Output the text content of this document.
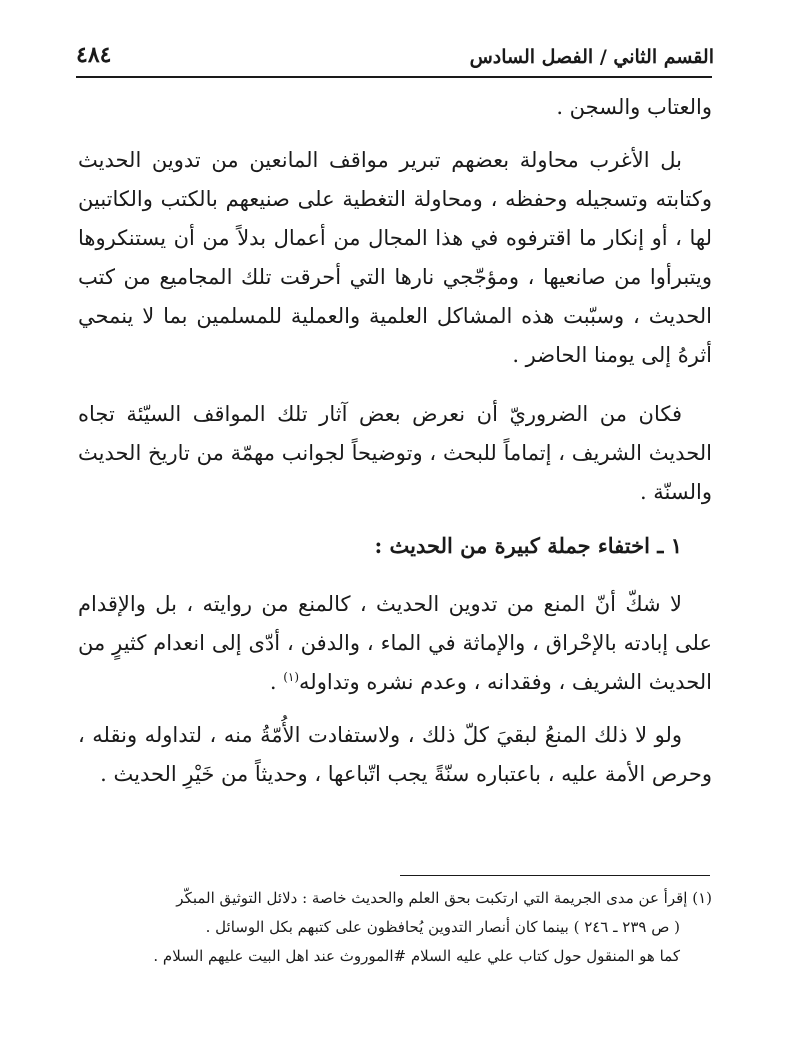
القسم الثاني / الفصل السادس
٤٨٤

والعتاب والسجن .

بل الأغرب محاولة بعضهم تبرير مواقف المانعين من تدوين الحديث وكتابته وتسجيله وحفظه ، ومحاولة التغطية على صنيعهم بالكتب والكاتبين لها ، أو إنكار ما اقترفوه في هذا المجال من أعمال بدلاً من أن يستنكروها ويتبرأوا من صانعيها ، ومؤجّجي نارها التي أحرقت تلك المجاميع من كتب الحديث ، وسبّبت هذه المشاكل العلمية والعملية للمسلمين بما لا ينمحي أثرهُ إلى يومنا الحاضر .

فكان من الضروريّ أن نعرض بعض آثار تلك المواقف السيّئة تجاه الحديث الشريف ، إتماماً للبحث ، وتوضيحاً لجوانب مهمّة من تاريخ الحديث والسنّة .

١ ـ اختفاء جملة كبيرة من الحديث :

لا شكّ أنّ المنع من تدوين الحديث ، كالمنع من روايته ، بل والإقدام على إبادته بالإحْراق ، والإماثة في الماء ، والدفن ، أدّى إلى انعدام كثيرٍ من الحديث الشريف ، وفقدانه ، وعدم نشره وتداوله$^{(١)}$ .

ولو لا ذلك المنعُ لبقيَ كلّ ذلك ، ولاستفادت الأُمّةُ منه ، لتداوله ونقله ، وحرص الأمة عليه ، باعتباره سنّةً يجب اتّباعها ، وحديثاً من خَيْرِ الحديث .

(١) إقرأ عن مدى الجريمة التي ارتكبت بحق العلم والحديث خاصة : دلائل التوثيق المبكّر

( ص ٢٣٩ ـ ٢٤٦ ) بينما كان أنصار التدوين يُحافظون على كتبهم بكل الوسائل .

كما هو المنقول حول كتاب علي عليه السلام #الموروث عند اهل البيت عليهم السلام .
